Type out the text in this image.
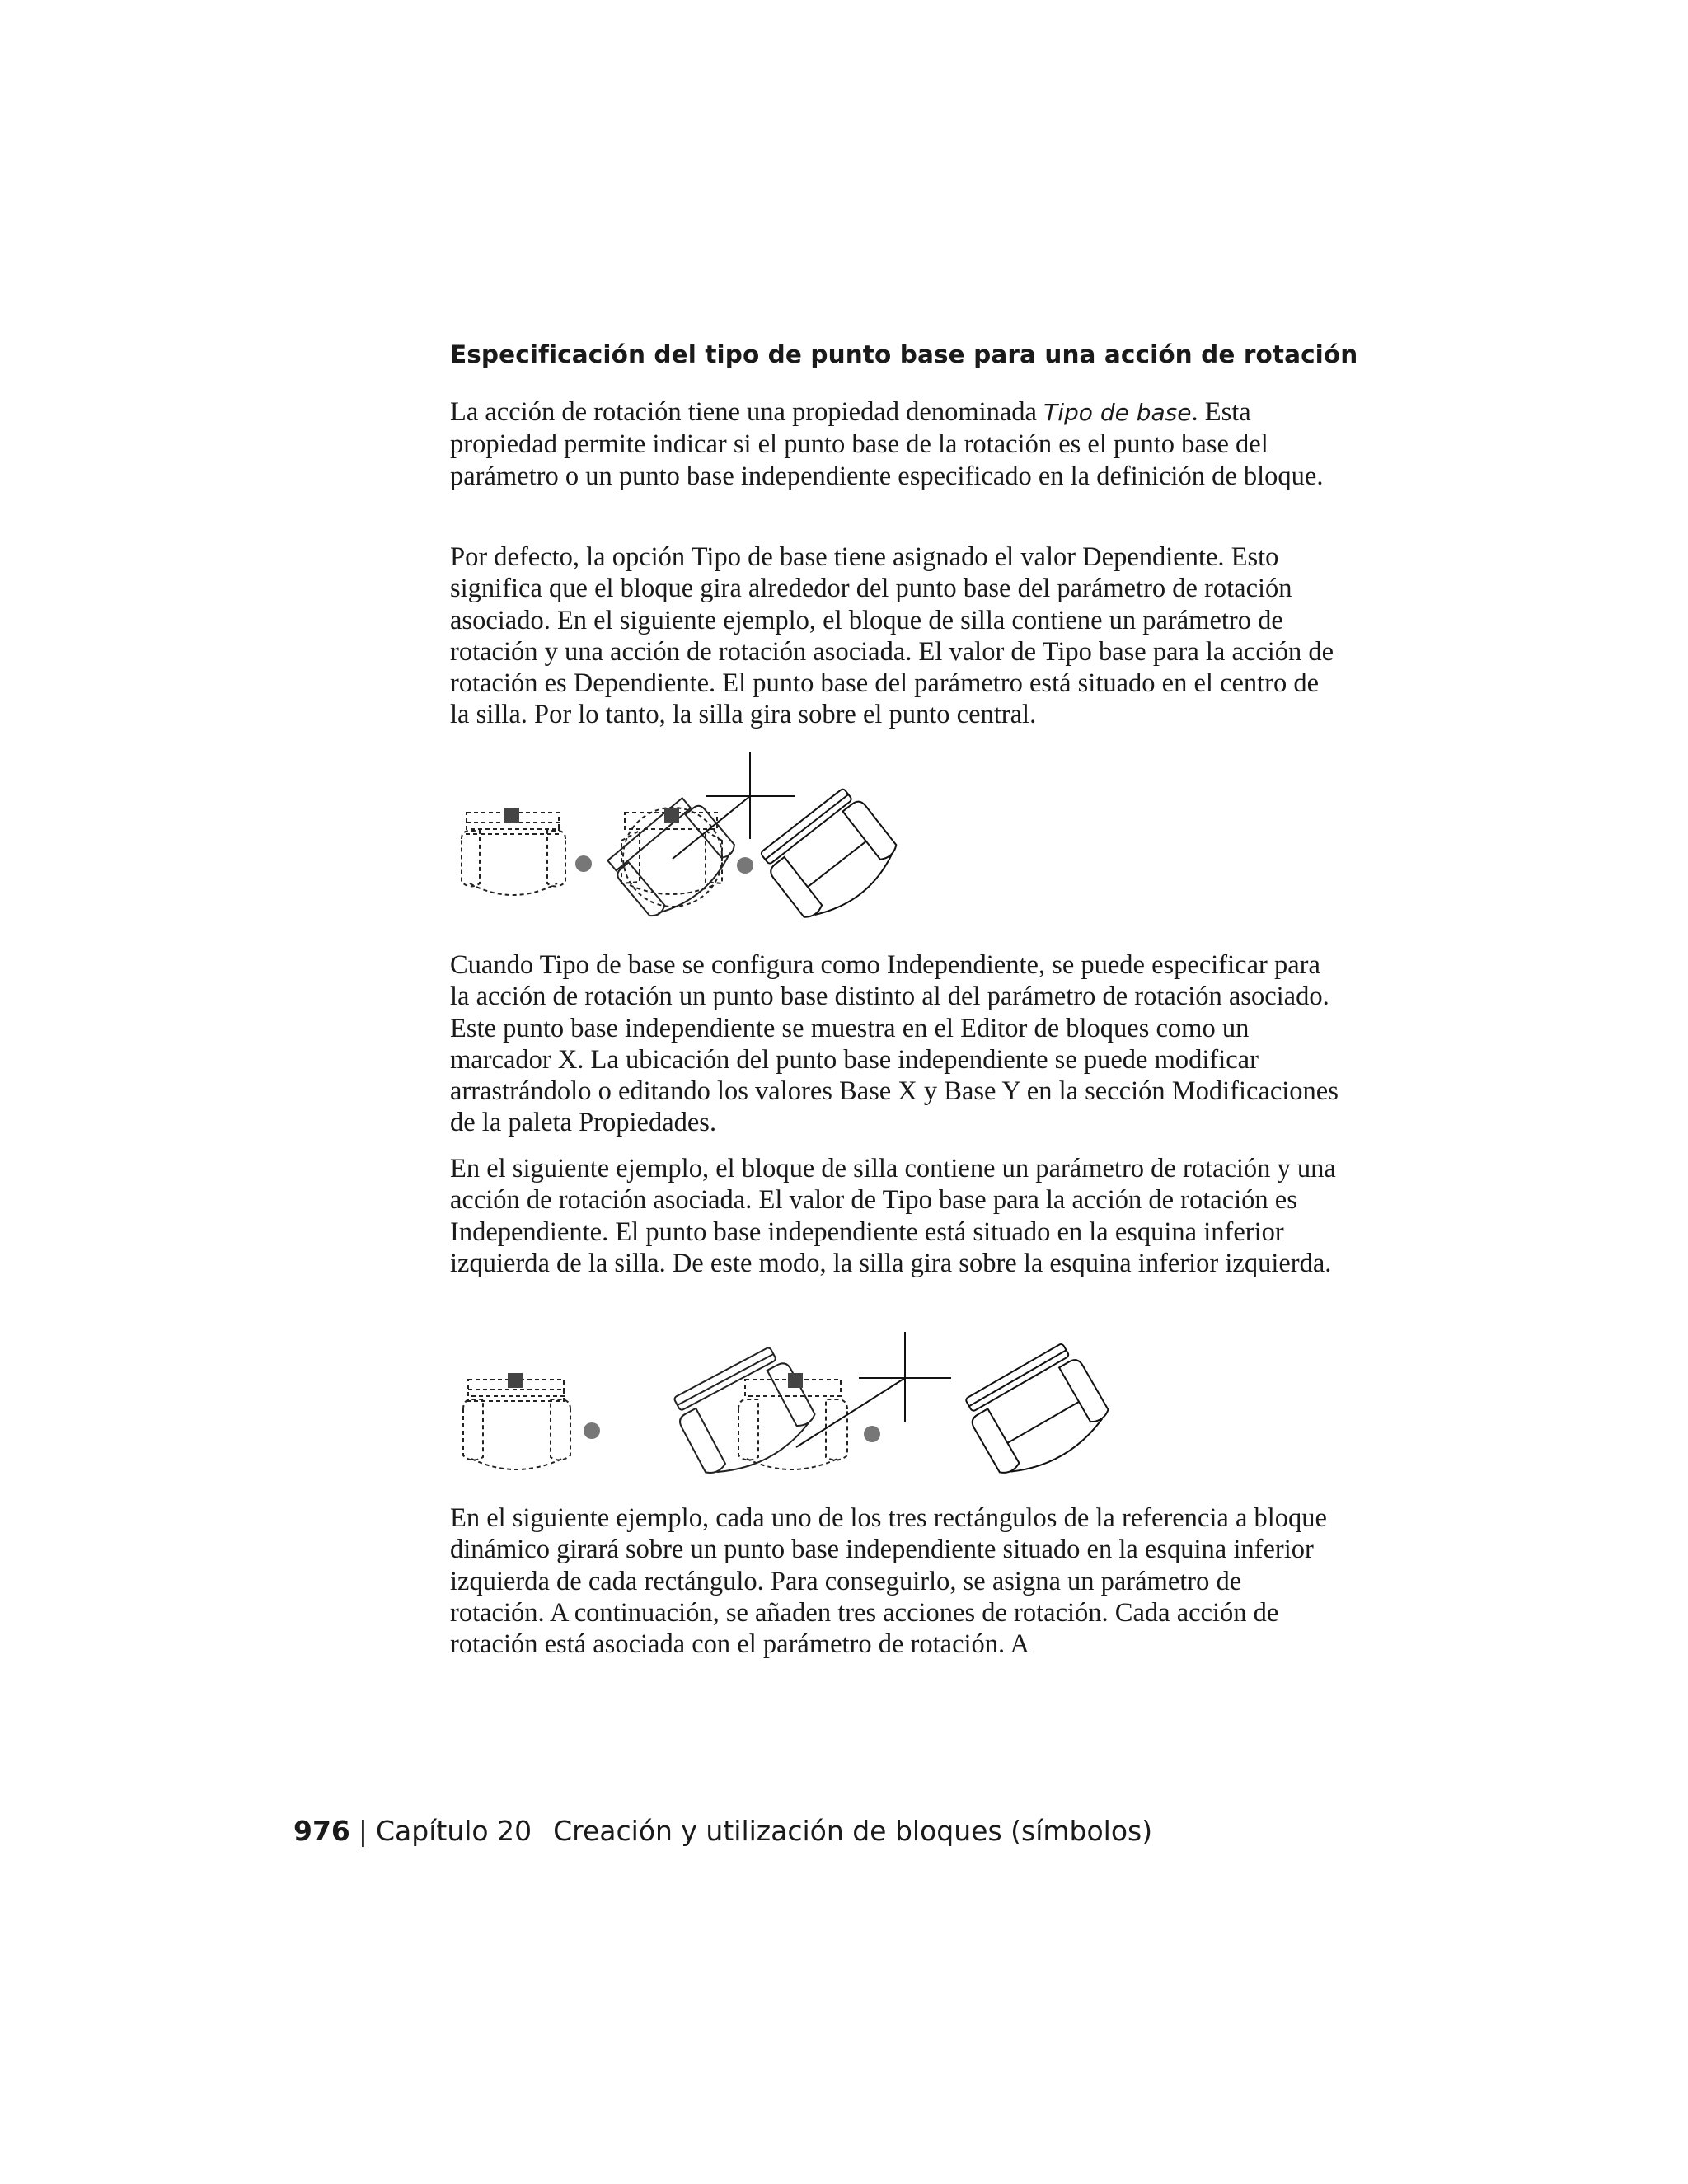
Especificación del tipo de punto base para una acción de rotación

La acción de rotación tiene una propiedad denominada Tipo de base. Esta propiedad permite indicar si el punto base de la rotación es el punto base del parámetro o un punto base independiente especificado en la definición de bloque.

Por defecto, la opción Tipo de base tiene asignado el valor Dependiente. Esto significa que el bloque gira alrededor del punto base del parámetro de rotación asociado. En el siguiente ejemplo, el bloque de silla contiene un parámetro de rotación y una acción de rotación asociada. El valor de Tipo base para la acción de rotación es Dependiente. El punto base del parámetro está situado en el centro de la silla. Por lo tanto, la silla gira sobre el punto central.

Cuando Tipo de base se configura como Independiente, se puede especificar para la acción de rotación un punto base distinto al del parámetro de rotación asociado. Este punto base independiente se muestra en el Editor de bloques como un marcador X. La ubicación del punto base independiente se puede modificar arrastrándolo o editando los valores Base X y Base Y en la sección Modificaciones de la paleta Propiedades.

En el siguiente ejemplo, el bloque de silla contiene un parámetro de rotación y una acción de rotación asociada. El valor de Tipo base para la acción de rotación es Independiente. El punto base independiente está situado en la esquina inferior izquierda de la silla. De este modo, la silla gira sobre la esquina inferior izquierda.

En el siguiente ejemplo, cada uno de los tres rectángulos de la referencia a bloque dinámico girará sobre un punto base independiente situado en la esquina inferior izquierda de cada rectángulo. Para conseguirlo, se asigna un parámetro de rotación. A continuación, se añaden tres acciones de rotación. Cada acción de rotación está asociada con el parámetro de rotación. A

976 | Capítulo 20 Creación y utilización de bloques (símbolos)
